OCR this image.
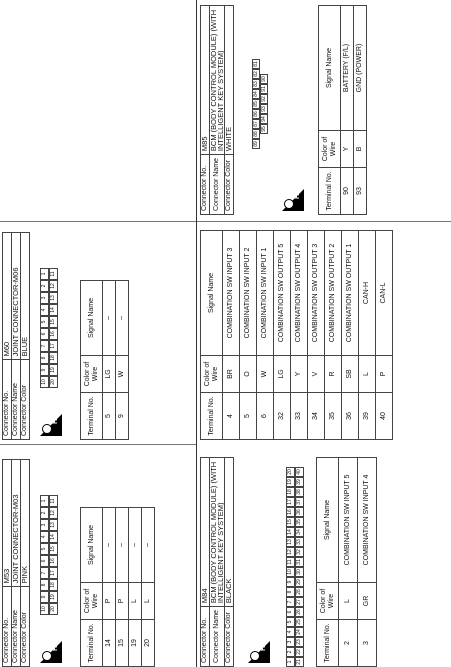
Connector No.	M53
Connector Name	JOINT CONNECTOR-M03
Connector Color	PINK
H.S.
10
9
8
7
6
5
4
3
2
1
20
19
18
17
16
15
14
13
12
11
Terminal No.	Color of Wire	Signal Name
14	P	–
15	P	–
19	L	–
20	L	–
Connector No.	M60
Connector Name	JOINT CONNECTOR-M06
Connector Color	BLUE
H.S.
10
9
8
7
6
5
4
3
2
1
20
19
18
17
16
15
14
13
12
11
Terminal No.	Color of Wire	Signal Name
5	LG	–
9	W	–
Connector No.	M84
Connector Name	BCM (BODY CONTROL MODULE) (WITH INTELLIGENT KEY SYSTEM)
Connector Color	BLACK
H.S.
1
2
3
4
5
6
7
8
9
10
11
12
13
14
15
16
17
18
19
20
21
22
23
24
25
26
27
28
29
30
31
32
33
34
35
36
37
38
39
40
Terminal No.	Color of Wire	Signal Name
2	L	COMBINATION SW INPUT 5
3	GR	COMBINATION SW INPUT 4
Terminal No.	Color of Wire	Signal Name
4	BR	COMBINATION SW INPUT 3
5	O	COMBINATION SW INPUT 2
6	W	COMBINATION SW INPUT 1
32	LG	COMBINATION SW OUTPUT 5
33	Y	COMBINATION SW OUTPUT 4
34	V	COMBINATION SW OUTPUT 3
35	R	COMBINATION SW OUTPUT 2
36	SB	COMBINATION SW OUTPUT 1
39	L	CAN-H
40	P	CAN-L
Connector No.	M85
Connector Name	BCM (BODY CONTROL MODULE) (WITH INTELLIGENT KEY SYSTEM)
Connector Color	WHITE	89
88
87
86
85
84
83
82
81
95
94
93
92
91
90
H.S.	Terminal No.	Color of Wire	Signal Name
90	Y	BATTERY (F/L)
93	B	GND (POWER)
